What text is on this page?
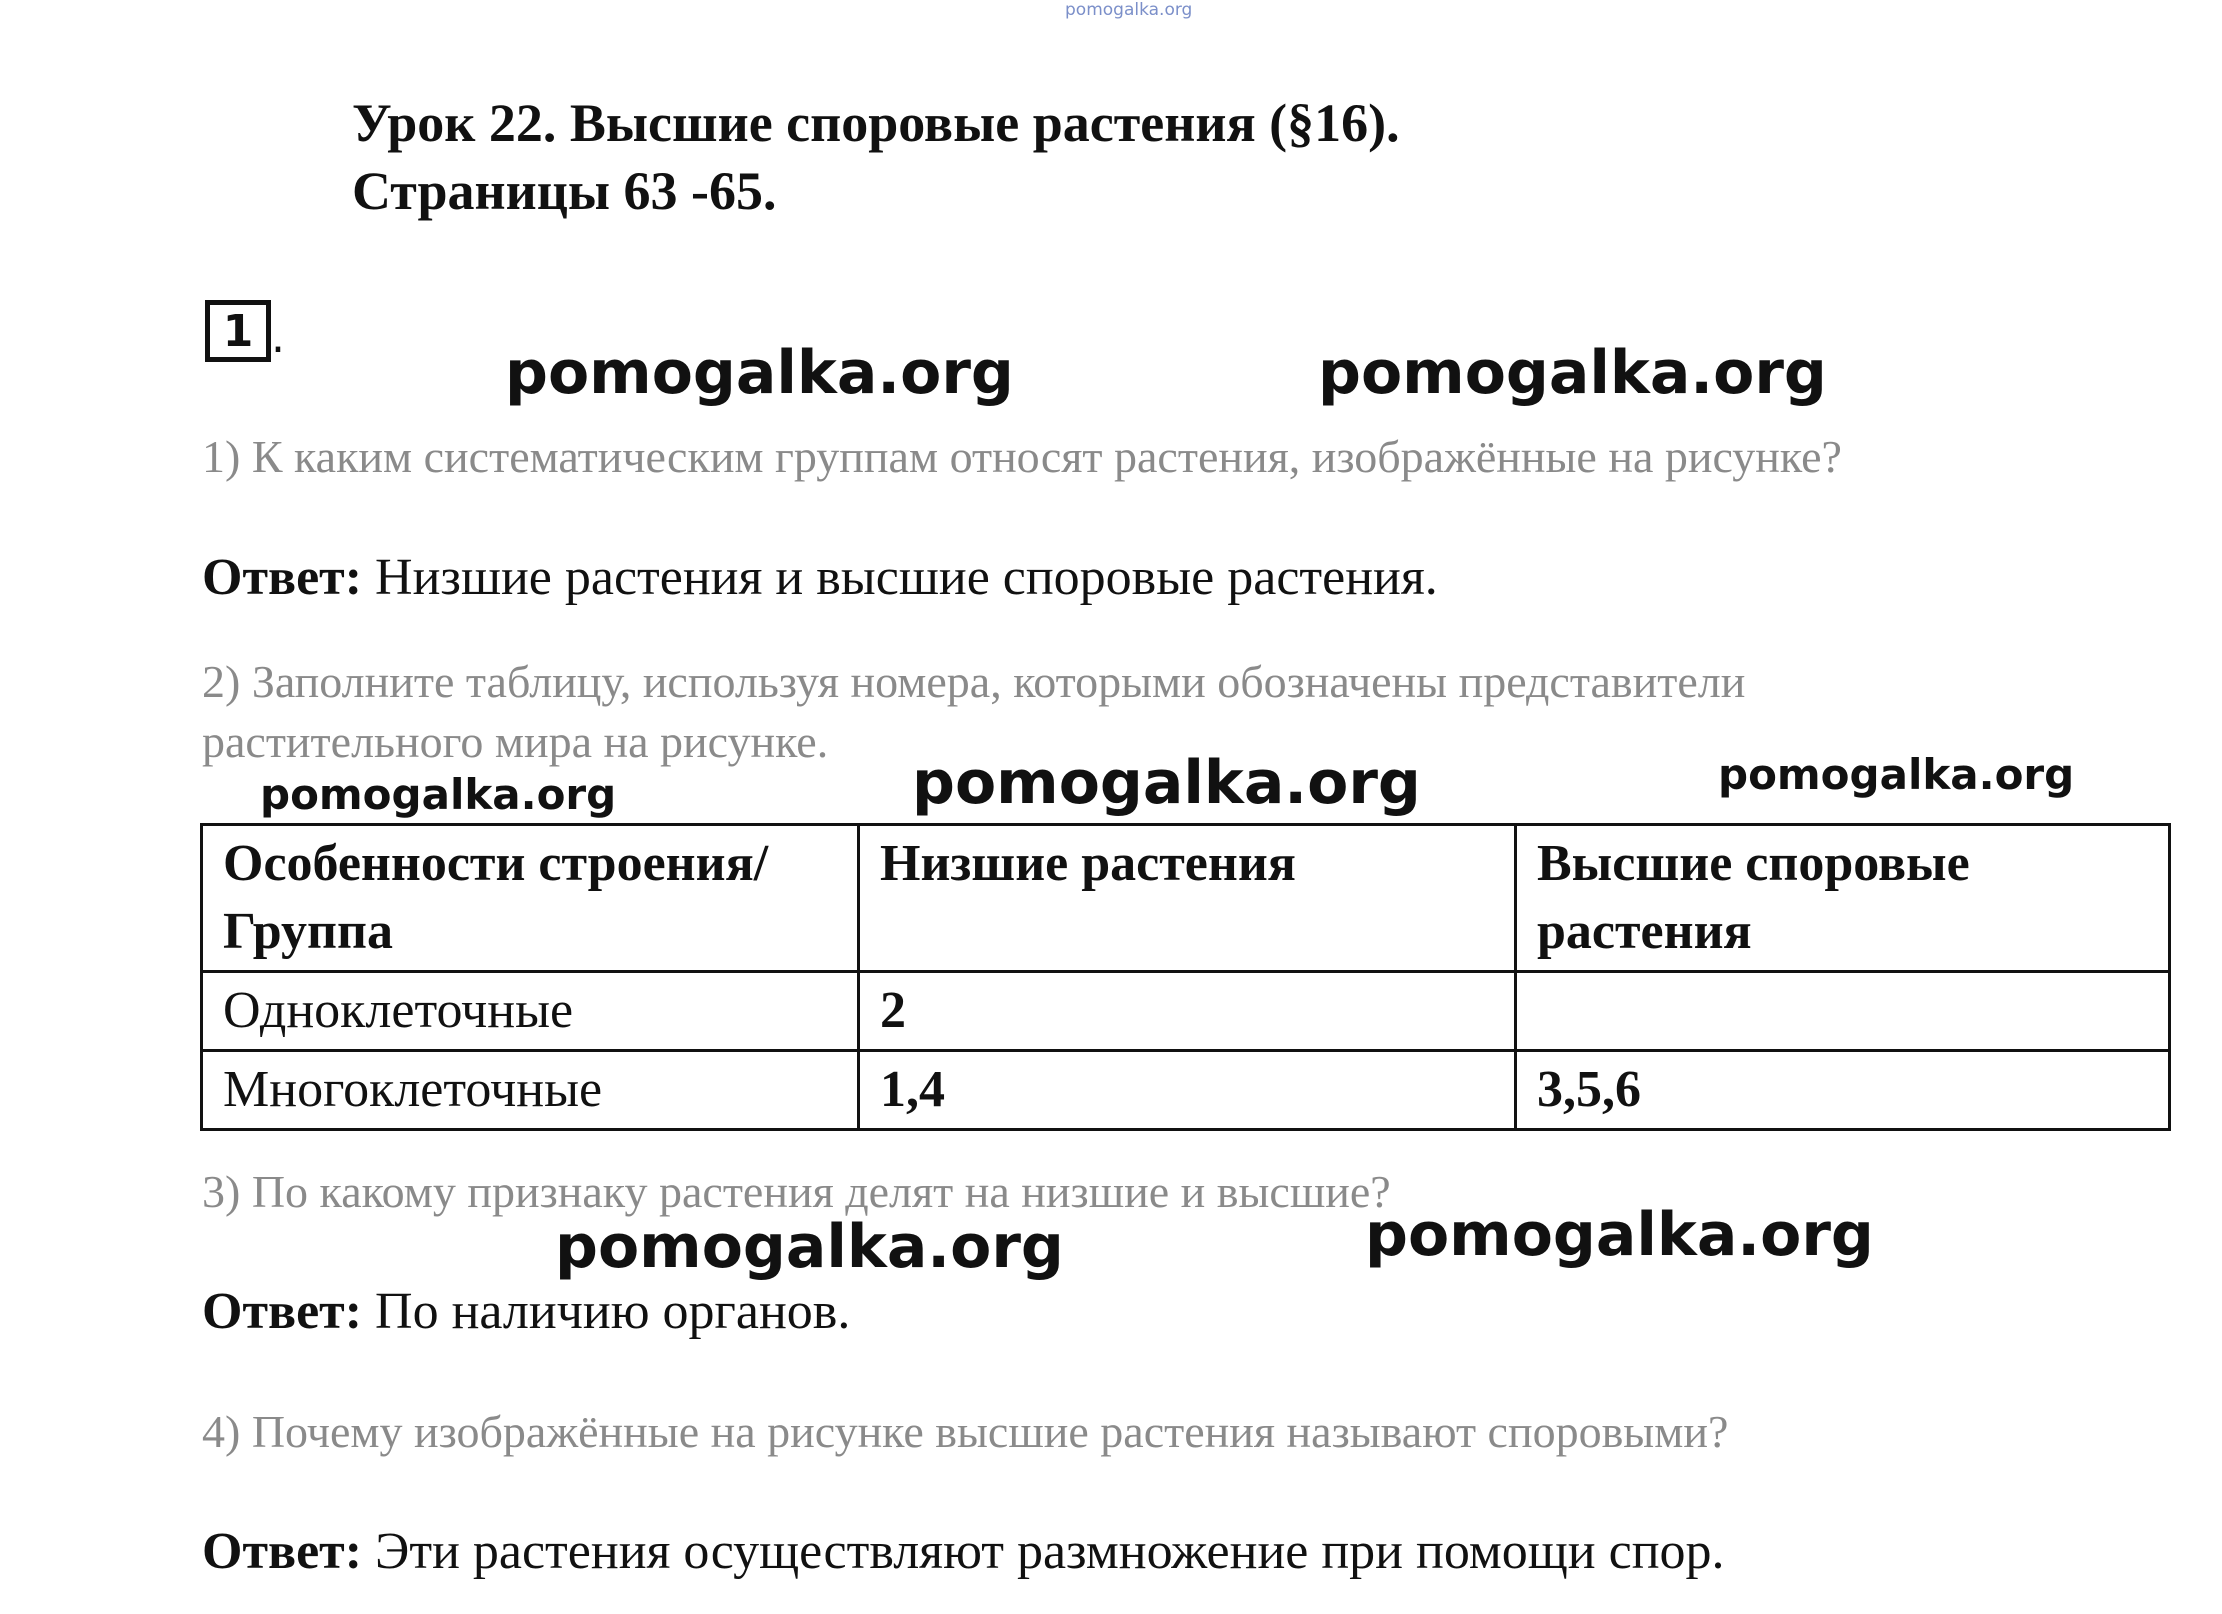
pomogalka.org
Урок 22. Высшие споровые растения (§16).
Страницы 63 -65.
1 .
pomogalka.org	pomogalka.org
1) К каким систематическим группам относят растения, изображённые на рисунке?
Ответ: Низшие растения и высшие споровые растения.
2) Заполните таблицу, используя номера, которыми обозначены представители
растительного мира на рисунке.
pomogalka.org	pomogalka.org	pomogalka.org
Особенности строения/Группа	Низшие растения	Высшие споровые растения
Одноклеточные	2	
Многоклеточные	1,4	3,5,6
3) По какому признаку растения делят на низшие и высшие?
pomogalka.org	pomogalka.org
Ответ: По наличию органов.
4) Почему изображённые на рисунке высшие растения называют споровыми?
Ответ: Эти растения осуществляют размножение при помощи спор.
